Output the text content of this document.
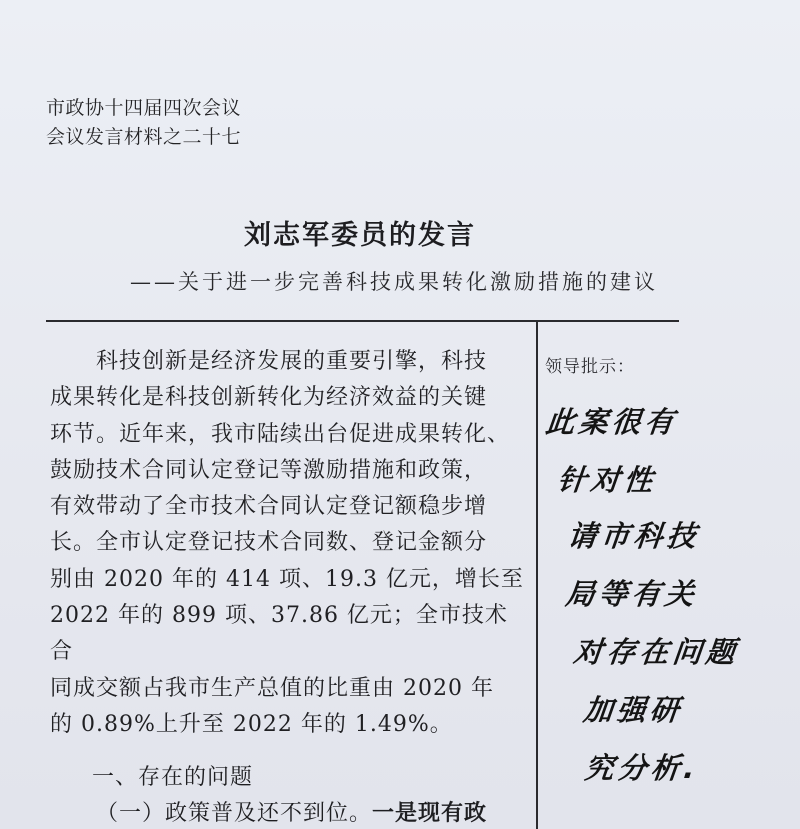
市政协十四届四次会议
会议发言材料之二十七
刘志军委员的发言
——关于进一步完善科技成果转化激励措施的建议

科技创新是经济发展的重要引擎，科技

成果转化是科技创新转化为经济效益的关键

环节。近年来，我市陆续出台促进成果转化、

鼓励技术合同认定登记等激励措施和政策，

有效带动了全市技术合同认定登记额稳步增

长。全市认定登记技术合同数、登记金额分

别由 2020 年的 414 项、19.3 亿元，增长至

2022 年的 899 项、37.86 亿元；全市技术合

同成交额占我市生产总值的比重由 2020 年

的 0.89%上升至 2022 年的 1.49%。

一、存在的问题
（一）政策普及还不到位。一是现有政
领导批示：
此案很有
针对性
请市科技
局等有关
对存在问题
加强研
究分析.
